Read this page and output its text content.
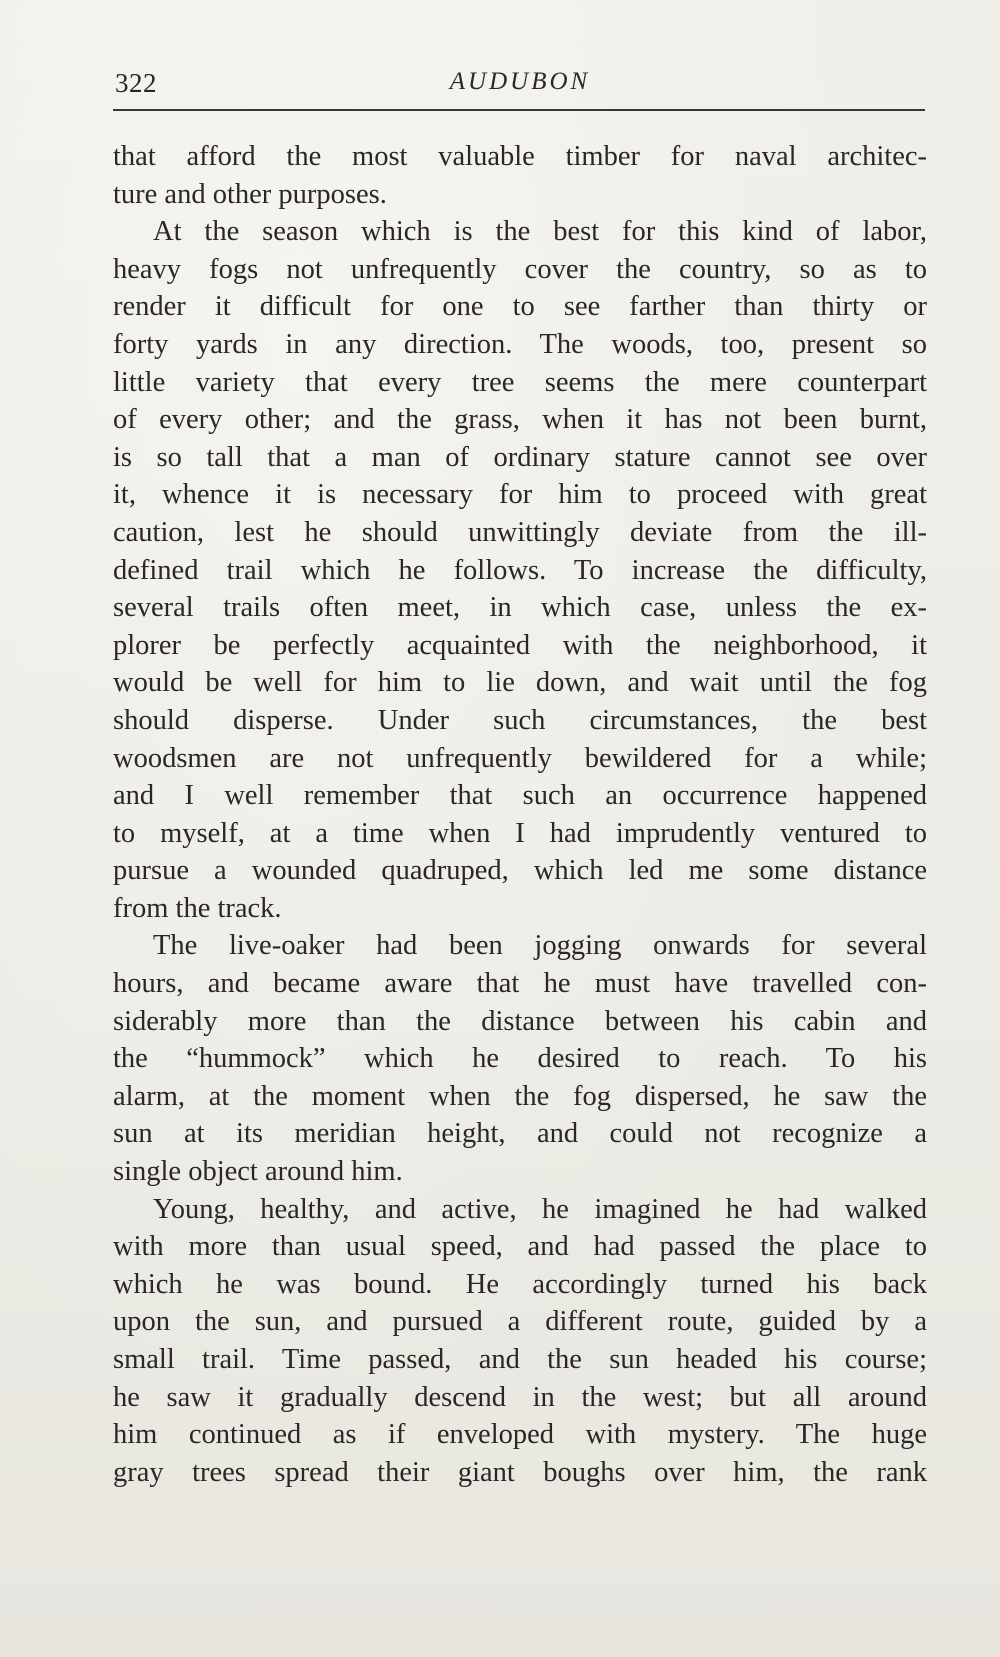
322	AUDUBON
that afford the most valuable timber for naval architec-
ture and other purposes.
At the season which is the best for this kind of labor,
heavy fogs not unfrequently cover the country, so as to
render it difficult for one to see farther than thirty or
forty yards in any direction. The woods, too, present so
little variety that every tree seems the mere counterpart
of every other; and the grass, when it has not been burnt,
is so tall that a man of ordinary stature cannot see over
it, whence it is necessary for him to proceed with great
caution, lest he should unwittingly deviate from the ill-
defined trail which he follows. To increase the difficulty,
several trails often meet, in which case, unless the ex-
plorer be perfectly acquainted with the neighborhood, it
would be well for him to lie down, and wait until the fog
should disperse. Under such circumstances, the best
woodsmen are not unfrequently bewildered for a while;
and I well remember that such an occurrence happened
to myself, at a time when I had imprudently ventured to
pursue a wounded quadruped, which led me some distance
from the track.
The live-oaker had been jogging onwards for several
hours, and became aware that he must have travelled con-
siderably more than the distance between his cabin and
the “hummock” which he desired to reach. To his
alarm, at the moment when the fog dispersed, he saw the
sun at its meridian height, and could not recognize a
single object around him.
Young, healthy, and active, he imagined he had walked
with more than usual speed, and had passed the place to
which he was bound. He accordingly turned his back
upon the sun, and pursued a different route, guided by a
small trail. Time passed, and the sun headed his course;
he saw it gradually descend in the west; but all around
him continued as if enveloped with mystery. The huge
gray trees spread their giant boughs over him, the rank
